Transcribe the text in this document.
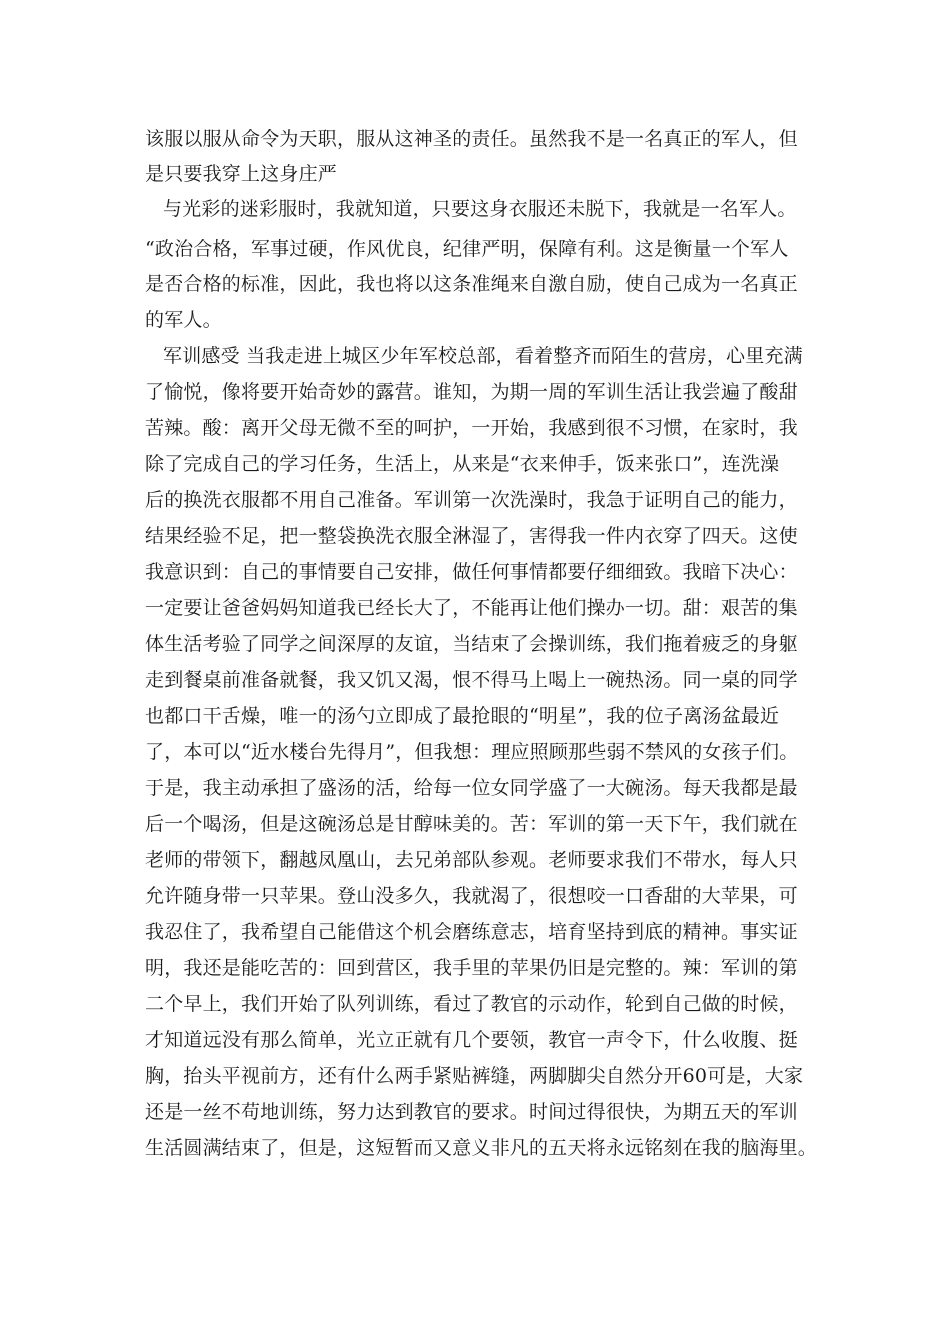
该服以服从命令为天职，服从这神圣的责任。虽然我不是一名真正的军人，但
是只要我穿上这身庄严
与光彩的迷彩服时，我就知道，只要这身衣服还未脱下，我就是一名军人。
“政治合格，军事过硬，作风优良，纪律严明，保障有利。这是衡量一个军人
是否合格的标准，因此，我也将以这条准绳来自激自励，使自己成为一名真正
的军人。
军训感受 当我走进上城区少年军校总部，看着整齐而陌生的营房，心里充满
了愉悦，像将要开始奇妙的露营。谁知，为期一周的军训生活让我尝遍了酸甜
苦辣。酸：离开父母无微不至的呵护，一开始，我感到很不习惯，在家时，我
除了完成自己的学习任务，生活上，从来是“衣来伸手，饭来张口”，连洗澡
后的换洗衣服都不用自己准备。军训第一次洗澡时，我急于证明自己的能力，
结果经验不足，把一整袋换洗衣服全淋湿了，害得我一件内衣穿了四天。这使
我意识到：自己的事情要自己安排，做任何事情都要仔细细致。我暗下决心：
一定要让爸爸妈妈知道我已经长大了，不能再让他们操办一切。甜：艰苦的集
体生活考验了同学之间深厚的友谊，当结束了会操训练，我们拖着疲乏的身躯
走到餐桌前准备就餐，我又饥又渴，恨不得马上喝上一碗热汤。同一桌的同学
也都口干舌燥，唯一的汤勺立即成了最抢眼的“明星”，我的位子离汤盆最近
了，本可以“近水楼台先得月”，但我想：理应照顾那些弱不禁风的女孩子们。
于是，我主动承担了盛汤的活，给每一位女同学盛了一大碗汤。每天我都是最
后一个喝汤，但是这碗汤总是甘醇味美的。苦：军训的第一天下午，我们就在
老师的带领下，翻越凤凰山，去兄弟部队参观。老师要求我们不带水，每人只
允许随身带一只苹果。登山没多久，我就渴了，很想咬一口香甜的大苹果，可
我忍住了，我希望自己能借这个机会磨练意志，培育坚持到底的精神。事实证
明，我还是能吃苦的：回到营区，我手里的苹果仍旧是完整的。辣：军训的第
二个早上，我们开始了队列训练，看过了教官的示动作，轮到自己做的时候，
才知道远没有那么简单，光立正就有几个要领，教官一声令下，什么收腹、挺
胸，抬头平视前方，还有什么两手紧贴裤缝，两脚脚尖自然分开60可是，大家
还是一丝不苟地训练，努力达到教官的要求。时间过得很快，为期五天的军训
生活圆满结束了，但是，这短暂而又意义非凡的五天将永远铭刻在我的脑海里。
